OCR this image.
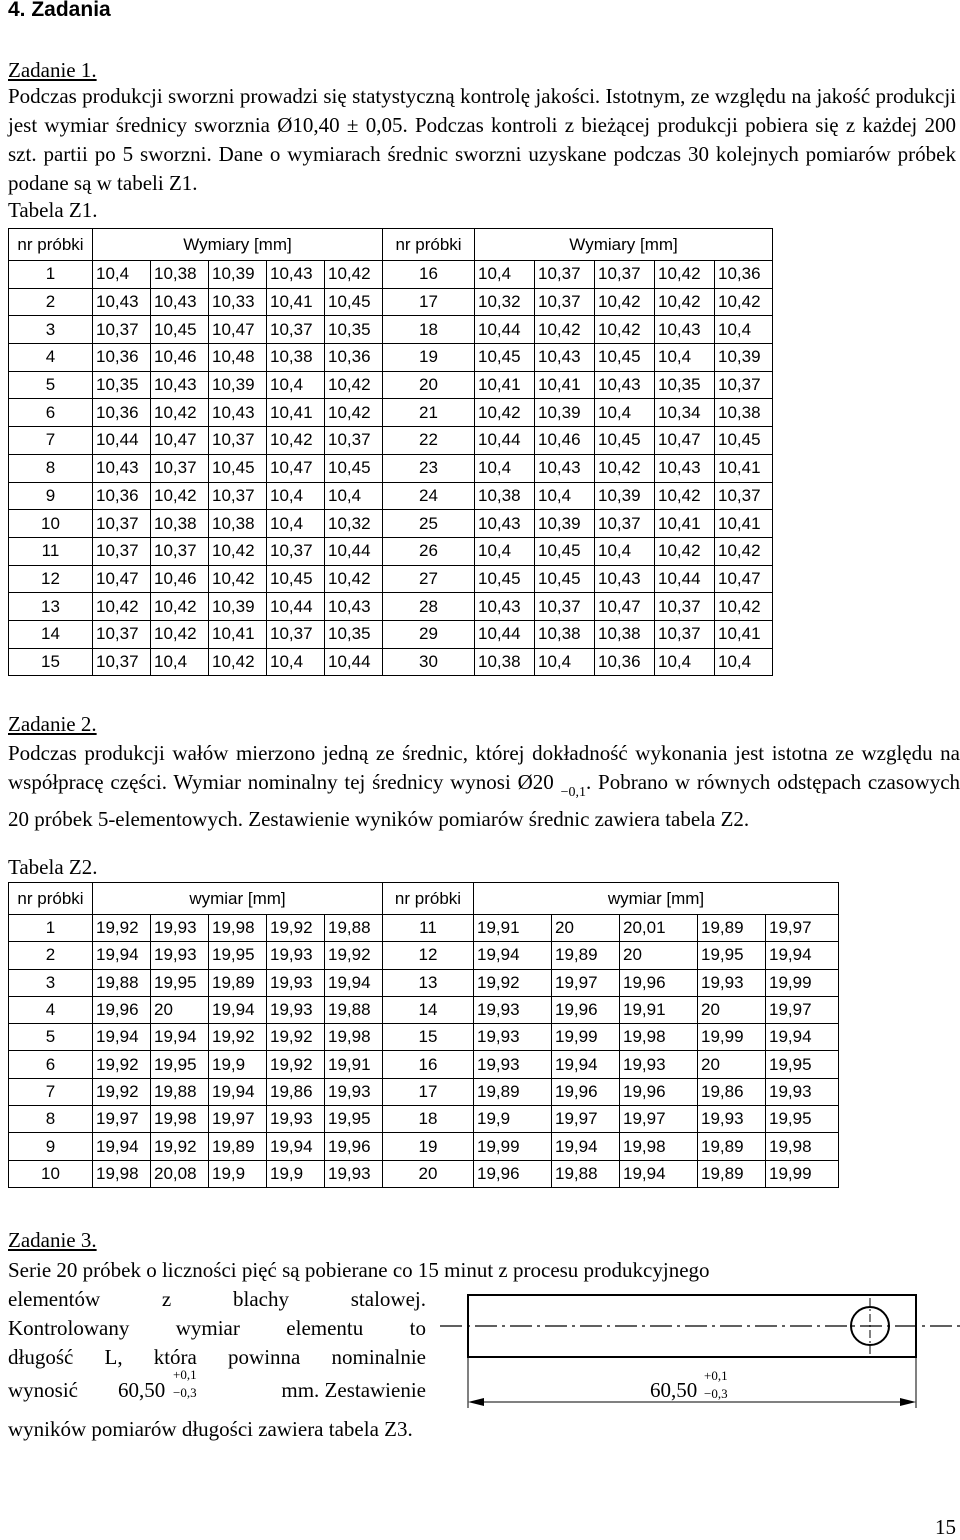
4. Zadania
Zadanie 1.
Podczas produkcji sworzni prowadzi się statystyczną kontrolę jakości. Istotnym, ze względu na jakość produkcji jest wymiar średnicy sworznia Ø10,40 ± 0,05. Podczas kontroli z bieżącej produkcji pobiera się z każdej 200 szt. partii po 5 sworzni. Dane o wymiarach średnic sworzni uzyskane podczas 30 kolejnych pomiarów próbek podane są w tabeli Z1.
Tabela Z1.
nr próbki	Wymiary [mm]					nr próbki	Wymiary [mm]				
1	10,4	10,38	10,39	10,43	10,42	16	10,4	10,37	10,37	10,42	10,36
2	10,43	10,43	10,33	10,41	10,45	17	10,32	10,37	10,42	10,42	10,42
3	10,37	10,45	10,47	10,37	10,35	18	10,44	10,42	10,42	10,43	10,4
4	10,36	10,46	10,48	10,38	10,36	19	10,45	10,43	10,45	10,4	10,39
5	10,35	10,43	10,39	10,4	10,42	20	10,41	10,41	10,43	10,35	10,37
6	10,36	10,42	10,43	10,41	10,42	21	10,42	10,39	10,4	10,34	10,38
7	10,44	10,47	10,37	10,42	10,37	22	10,44	10,46	10,45	10,47	10,45
8	10,43	10,37	10,45	10,47	10,45	23	10,4	10,43	10,42	10,43	10,41
9	10,36	10,42	10,37	10,4	10,4	24	10,38	10,4	10,39	10,42	10,37
10	10,37	10,38	10,38	10,4	10,32	25	10,43	10,39	10,37	10,41	10,41
11	10,37	10,37	10,42	10,37	10,44	26	10,4	10,45	10,4	10,42	10,42
12	10,47	10,46	10,42	10,45	10,42	27	10,45	10,45	10,43	10,44	10,47
13	10,42	10,42	10,39	10,44	10,43	28	10,43	10,37	10,47	10,37	10,42
14	10,37	10,42	10,41	10,37	10,35	29	10,44	10,38	10,38	10,37	10,41
15	10,37	10,4	10,42	10,4	10,44	30	10,38	10,4	10,36	10,4	10,4
Zadanie 2.
Podczas produkcji wałów mierzono jedną ze średnic, której dokładność wykonania jest istotna ze względu na współpracę części. Wymiar nominalny tej średnicy wynosi Ø20 $_{-0,1}$. Pobrano w równych odstępach czasowych 20 próbek 5-elementowych. Zestawienie wyników pomiarów średnic zawiera tabela Z2.
Tabela Z2.
nr próbki	wymiar [mm]					nr próbki	wymiar [mm]				
1	19,92	19,93	19,98	19,92	19,88	11	19,91	20	20,01	19,89	19,97
2	19,94	19,93	19,95	19,93	19,92	12	19,94	19,89	20	19,95	19,94
3	19,88	19,95	19,89	19,93	19,94	13	19,92	19,97	19,96	19,93	19,99
4	19,96	20	19,94	19,93	19,88	14	19,93	19,96	19,91	20	19,97
5	19,94	19,94	19,92	19,92	19,98	15	19,93	19,99	19,98	19,99	19,94
6	19,92	19,95	19,9	19,92	19,91	16	19,93	19,94	19,93	20	19,95
7	19,92	19,88	19,94	19,86	19,93	17	19,89	19,96	19,96	19,86	19,93
8	19,97	19,98	19,97	19,93	19,95	18	19,9	19,97	19,97	19,93	19,95
9	19,94	19,92	19,89	19,94	19,96	19	19,99	19,94	19,98	19,89	19,98
10	19,98	20,08	19,9	19,9	19,93	20	19,96	19,88	19,94	19,89	19,99
Zadanie 3.
Serie 20 próbek o liczności pięć są pobierane co 15 minut z procesu produkcyjnego
elementów z blachy stalowej.
Kontrolowany wymiar elementu to
długość L, która powinna nominalnie
wynosić 60,50
+0,1
−0,3	mm. Zestawienie
wyników pomiarów długości zawiera tabela Z3.
60,50
+0,1
−0,3
15
